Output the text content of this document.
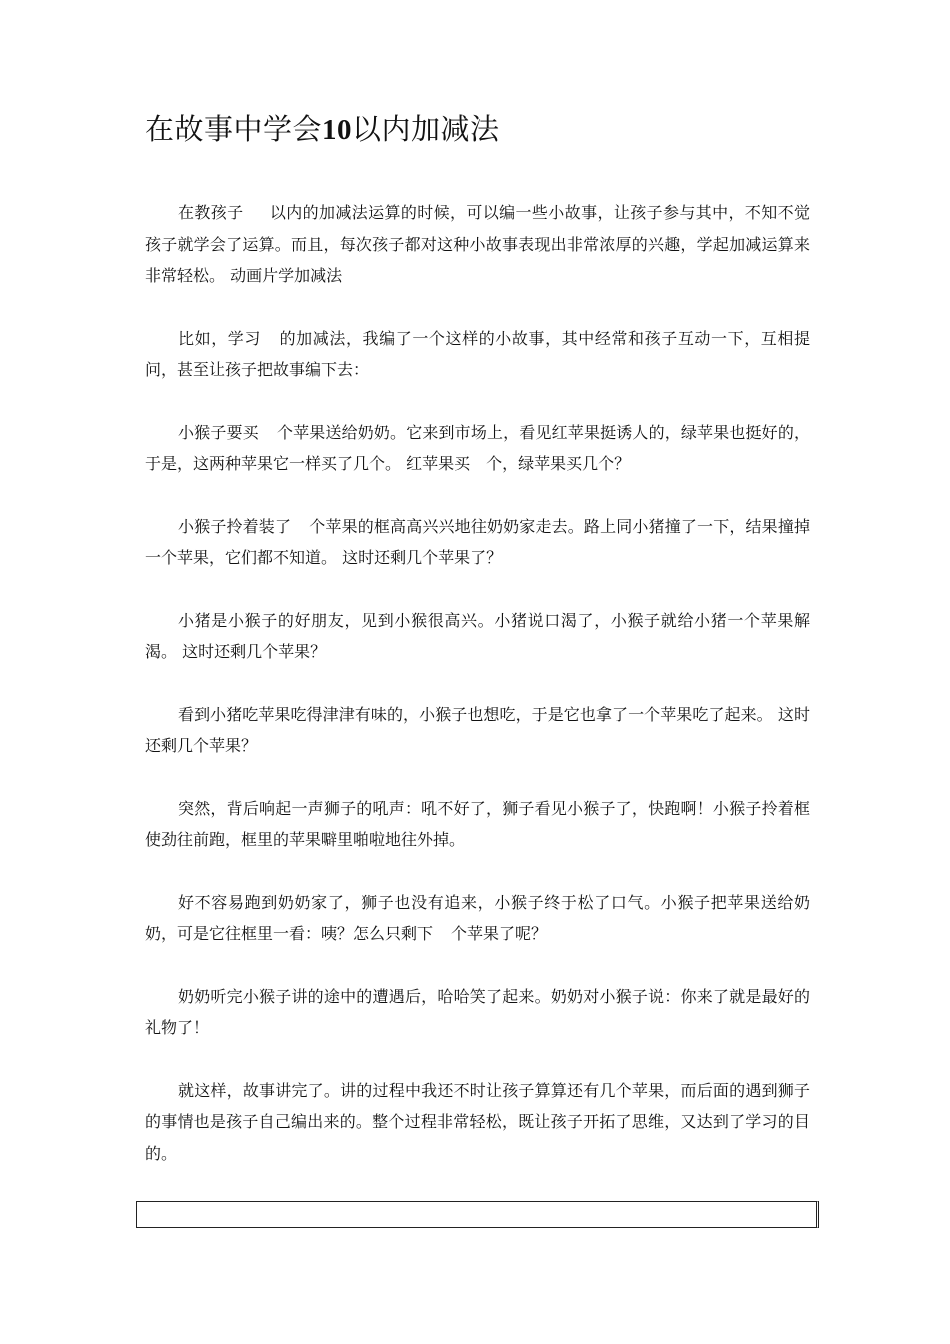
在故事中学会10以内加减法

在教孩子 以内的加减法运算的时候，可以编一些小故事，让孩子参与其中，不知不觉孩子就学会了运算。而且，每次孩子都对这种小故事表现出非常浓厚的兴趣，学起加减运算来非常轻松。 动画片学加减法

比如，学习 的加减法，我编了一个这样的小故事，其中经常和孩子互动一下，互相提问，甚至让孩子把故事编下去：

小猴子要买 个苹果送给奶奶。它来到市场上，看见红苹果挺诱人的，绿苹果也挺好的，于是，这两种苹果它一样买了几个。 红苹果买 个，绿苹果买几个？

小猴子拎着装了 个苹果的框高高兴兴地往奶奶家走去。路上同小猪撞了一下，结果撞掉一个苹果，它们都不知道。 这时还剩几个苹果了？

小猪是小猴子的好朋友，见到小猴很高兴。小猪说口渴了，小猴子就给小猪一个苹果解渴。 这时还剩几个苹果？

看到小猪吃苹果吃得津津有味的，小猴子也想吃，于是它也拿了一个苹果吃了起来。 这时还剩几个苹果？

突然，背后响起一声狮子的吼声：吼不好了，狮子看见小猴子了，快跑啊！小猴子拎着框使劲往前跑，框里的苹果噼里啪啦地往外掉。

好不容易跑到奶奶家了，狮子也没有追来，小猴子终于松了口气。小猴子把苹果送给奶奶，可是它往框里一看：咦？怎么只剩下 个苹果了呢？

奶奶听完小猴子讲的途中的遭遇后，哈哈笑了起来。奶奶对小猴子说：你来了就是最好的礼物了！

就这样，故事讲完了。讲的过程中我还不时让孩子算算还有几个苹果，而后面的遇到狮子的事情也是孩子自己编出来的。整个过程非常轻松，既让孩子开拓了思维，又达到了学习的目的。
